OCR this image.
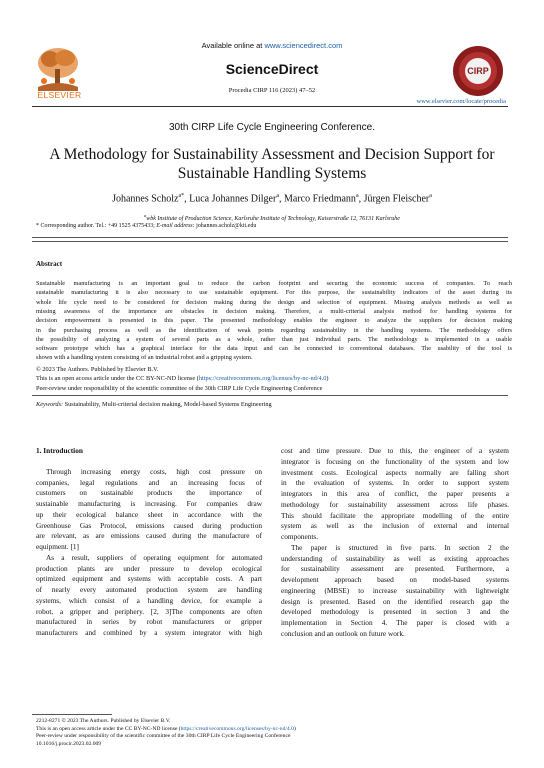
Available online at www.sciencedirect.com
ELSEVIER
ScienceDirect
Procedia CIRP 116 (2023) 47–52
CIRP
www.elsevier.com/locate/procedia
30th CIRP Life Cycle Engineering Conference.
A Methodology for Sustainability Assessment and Decision Support for
Sustainable Handling Systems
Johannes Scholz$^{a*}$, Luca Johannes Dilger$^a$, Marco Friedmann$^a$, Jürgen Fleischer$^a$
$^a$wbk Institute of Production Science, Karlsruhe Institute of Technology, Kaiserstraße 12, 76131 Karlsruhe
* Corresponding author. Tel.: +49 1525 4375433; E-mail address: johannes.scholz@kit.edu
Abstract
Sustainable manufacturing is an important goal to reduce the carbon footprint and securing the economic success of companies. To reach
sustainable manufacturing it is also necessary to use sustainable equipment. For this purpose, the sustainability indicators of the asset during its
whole life cycle need to be considered for decision making during the design and selection of equipment. Missing analysis methods as well as
missing awareness of the importance are obstacles in decision making. Therefore, a multi-criterial analysis method for handling systems for
decision empowerment is presented in this paper. The presented methodology enables the engineer to analyze the suppliers for decision making
in the purchasing process as well as the identification of weak points regarding sustainability in the handling systems. The methodology offers
the possibility of analyzing a system of several parts as a whole, rather than just individual parts. The methodology is implemented in a usable
software prototype which has a graphical interface for the data input and can be connected to conventional databases. The usability of the tool is
shown with a handling system consisting of an industrial robot and a gripping system.
© 2023 The Authors. Published by Elsevier B.V.
This is an open access article under the CC BY-NC-ND license (https://creativecommons.org/licenses/by-nc-nd/4.0)
Peer-review under responsibility of the scientific committee of the 30th CIRP Life Cycle Engineering Conference
Keywords: Sustainability, Multi-criterial decision making, Model-based Systems Engineering
1. Introduction
Through increasing energy costs, high cost pressure on
companies, legal regulations and an increasing focus of
customers on sustainable products the importance of
sustainable manufacturing is increasing. For companies draw
up their ecological balance sheet in accordance with the
Greenhouse Gas Protocol, emissions caused during production
are relevant, as are emissions caused during the manufacture of
equipment. [1]
As a result, suppliers of operating equipment for automated
production plants are under pressure to develop ecological
optimized equipment and systems with acceptable costs. A part
of nearly every automated production system are handling
systems, which consist of a handling device, for example a
robot, a gripper and periphery. [2, 3]The components are often
manufactured in series by robot manufacturers or gripper
manufacturers and combined by a system integrator with high
cost and time pressure. Due to this, the engineer of a system
integrator is focusing on the functionality of the system and low
investment costs. Ecological aspects normally are falling short
in the evaluation of systems. In order to support system
integrators in this area of conflict, the paper presents a
methodology for sustainability assessment across life phases.
This should facilitate the appropriate modelling of the entire
system as well as the inclusion of external and internal
components.
The paper is structured in five parts. In section 2 the
understanding of sustainability as well as existing approaches
for sustainability assessment are presented. Furthermore, a
development approach based on model-based systems
engineering (MBSE) to increase sustainability with lightweight
design is presented. Based on the identified research gap the
developed methodology is presented in section 3 and the
implementation in Section 4. The paper is closed with a
conclusion and an outlook on future work.
2212-8271 © 2023 The Authors. Published by Elsevier B.V.
This is an open access article under the CC BY-NC-ND license (https://creativecommons.org/licenses/by-nc-nd/4.0)
Peer-review under responsibility of the scientific committee of the 30th CIRP Life Cycle Engineering Conference
10.1016/j.procir.2023.02.009
